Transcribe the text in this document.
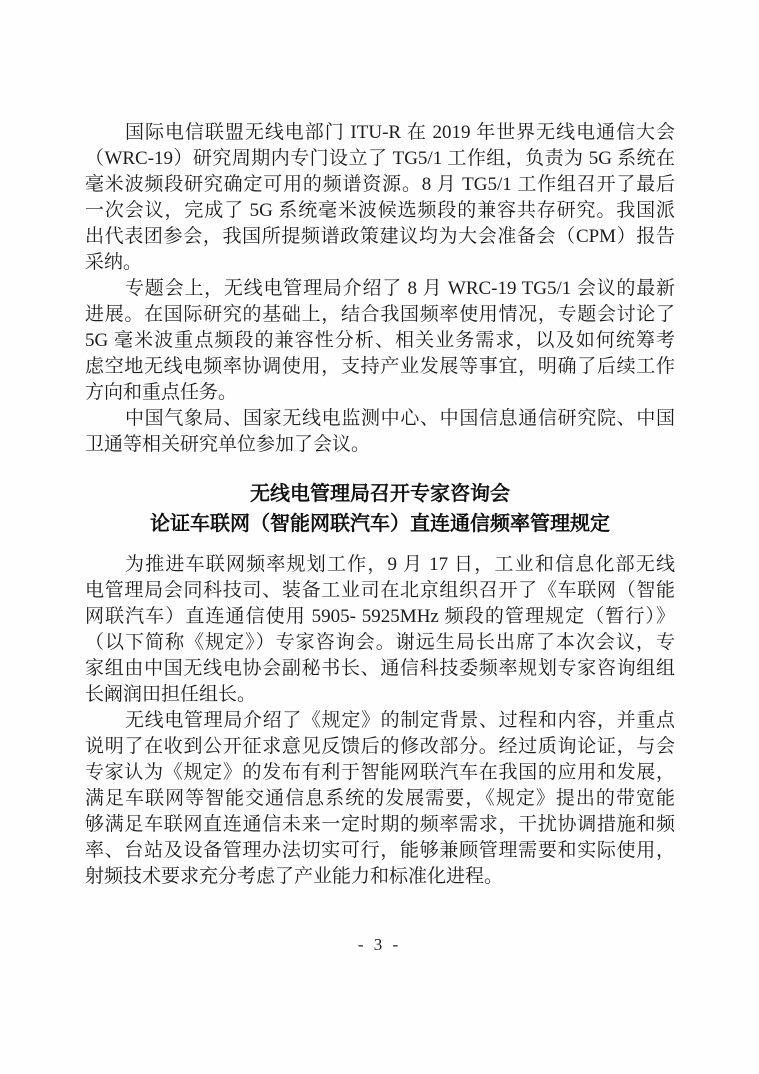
国际电信联盟无线电部门 ITU-R 在 2019 年世界无线电通信大会
（WRC-19）研究周期内专门设立了 TG5/1 工作组，负责为 5G 系统在
毫米波频段研究确定可用的频谱资源。8 月 TG5/1 工作组召开了最后
一次会议，完成了 5G 系统毫米波候选频段的兼容共存研究。我国派
出代表团参会，我国所提频谱政策建议均为大会准备会（CPM）报告
采纳。
专题会上，无线电管理局介绍了 8 月 WRC-19 TG5/1 会议的最新
进展。在国际研究的基础上，结合我国频率使用情况，专题会讨论了
5G 毫米波重点频段的兼容性分析、相关业务需求，以及如何统筹考
虑空地无线电频率协调使用，支持产业发展等事宜，明确了后续工作
方向和重点任务。
中国气象局、国家无线电监测中心、中国信息通信研究院、中国
卫通等相关研究单位参加了会议。
无线电管理局召开专家咨询会
论证车联网（智能网联汽车）直连通信频率管理规定
为推进车联网频率规划工作，9 月 17 日，工业和信息化部无线
电管理局会同科技司、装备工业司在北京组织召开了《车联网（智能
网联汽车）直连通信使用 5905- 5925MHz 频段的管理规定（暂行）》
（以下简称《规定》）专家咨询会。谢远生局长出席了本次会议，专
家组由中国无线电协会副秘书长、通信科技委频率规划专家咨询组组
长阚润田担任组长。
无线电管理局介绍了《规定》的制定背景、过程和内容，并重点
说明了在收到公开征求意见反馈后的修改部分。经过质询论证，与会
专家认为《规定》的发布有利于智能网联汽车在我国的应用和发展，
满足车联网等智能交通信息系统的发展需要，《规定》提出的带宽能
够满足车联网直连通信未来一定时期的频率需求，干扰协调措施和频
率、台站及设备管理办法切实可行，能够兼顾管理需要和实际使用，
射频技术要求充分考虑了产业能力和标准化进程。
- 3 -
